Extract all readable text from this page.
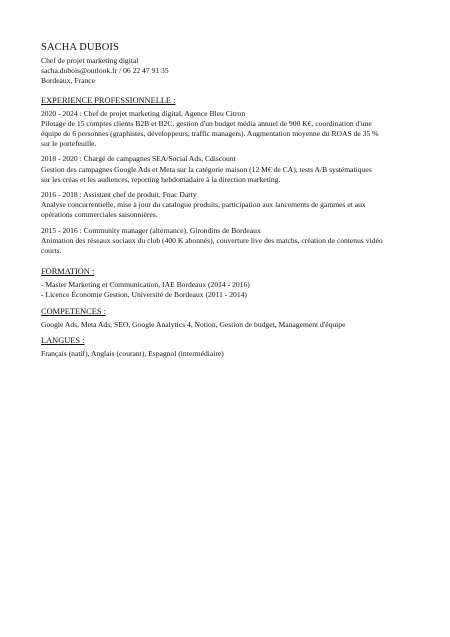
SACHA DUBOIS
Chef de projet marketing digital
sacha.dubois@outlook.fr / 06 22 47 91 35
Bordeaux, France
EXPERIENCE PROFESSIONNELLE :
2020 - 2024 : Chef de projet marketing digital, Agence Bleu Citron
Pilotage de 15 comptes clients B2B et B2C, gestion d'un budget média annuel de 900 K€, coordination d'une
équipe de 6 personnes (graphistes, développeurs, traffic managers). Augmentation moyenne du ROAS de 35 %
sur le portefeuille.
2018 - 2020 : Chargé de campagnes SEA/Social Ads, Cdiscount
Gestion des campagnes Google Ads et Meta sur la catégorie maison (12 M€ de CA), tests A/B systématiques
sur les créas et les audiences, reporting hebdomadaire à la direction marketing.
2016 - 2018 : Assistant chef de produit, Fnac Darty
Analyse concurrentielle, mise à jour du catalogue produits, participation aux lancements de gammes et aux
opérations commerciales saisonnières.
2015 - 2016 : Community manager (alternance), Girondins de Bordeaux
Animation des réseaux sociaux du club (400 K abonnés), couverture live des matchs, création de contenus vidéo
courts.
FORMATION :
- Master Marketing et Communication, IAE Bordeaux (2014 - 2016)
- Licence Économie Gestion, Université de Bordeaux (2011 - 2014)
COMPETENCES :
Google Ads, Meta Ads, SEO, Google Analytics 4, Notion, Gestion de budget, Management d'équipe
LANGUES :
Français (natif), Anglais (courant), Espagnol (intermédiaire)
